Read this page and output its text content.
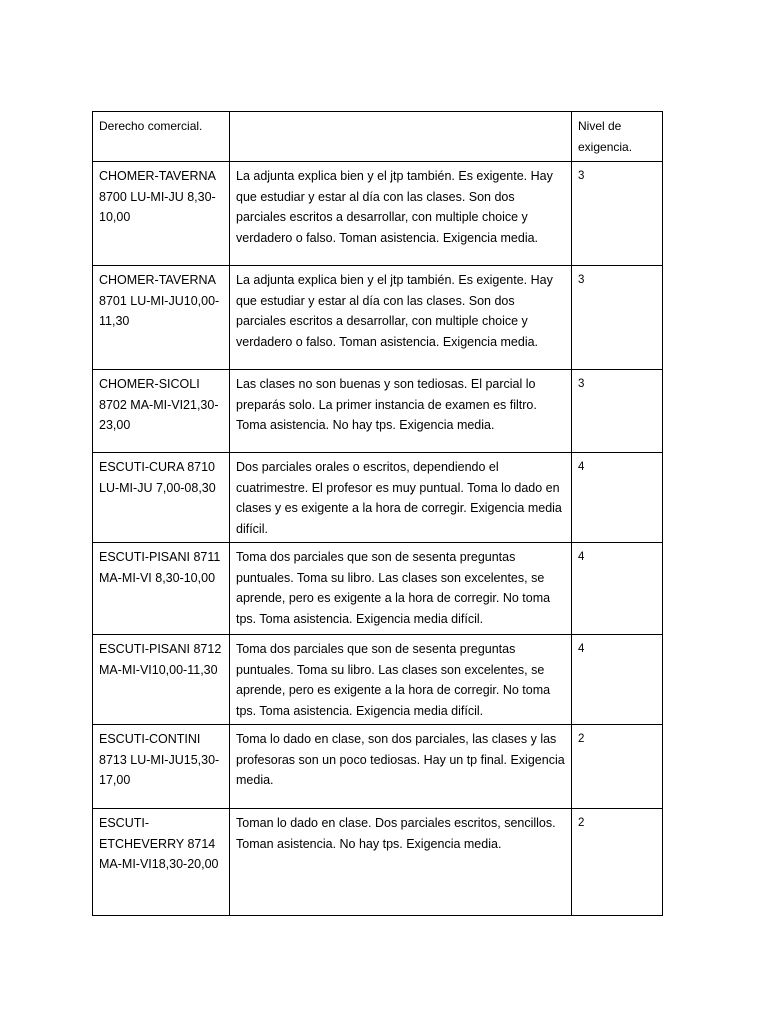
Derecho comercial.		Nivel de exigencia.
CHOMER-TAVERNA 8700 LU-MI-JU 8,30-10,00	La adjunta explica bien y el jtp también. Es exigente. Hay que estudiar y estar al día con las clases. Son dos parciales escritos a desarrollar, con multiple choice y verdadero o falso. Toman asistencia. Exigencia media.	3
CHOMER-TAVERNA 8701 LU-MI-JU10,00-11,30	La adjunta explica bien y el jtp también. Es exigente. Hay que estudiar y estar al día con las clases. Son dos parciales escritos a desarrollar, con multiple choice y verdadero o falso. Toman asistencia. Exigencia media.	3
CHOMER-SICOLI 8702 MA-MI-VI21,30-23,00	Las clases no son buenas y son tediosas. El parcial lo preparás solo. La primer instancia de examen es filtro. Toma asistencia. No hay tps. Exigencia media.	3
ESCUTI-CURA 8710 LU-MI-JU 7,00-08,30	Dos parciales orales o escritos, dependiendo el cuatrimestre. El profesor es muy puntual. Toma lo dado en clases y es exigente a la hora de corregir. Exigencia media difícil.	4
ESCUTI-PISANI 8711 MA-MI-VI 8,30-10,00	Toma dos parciales que son de sesenta preguntas puntuales. Toma su libro. Las clases son excelentes, se aprende, pero es exigente a la hora de corregir. No toma tps. Toma asistencia. Exigencia media difícil.	4
ESCUTI-PISANI 8712 MA-MI-VI10,00-11,30	Toma dos parciales que son de sesenta preguntas puntuales. Toma su libro. Las clases son excelentes, se aprende, pero es exigente a la hora de corregir. No toma tps. Toma asistencia. Exigencia media difícil.	4
ESCUTI-CONTINI 8713 LU-MI-JU15,30-17,00	Toma lo dado en clase, son dos parciales, las clases y las profesoras son un poco tediosas. Hay un tp final. Exigencia media.	2
ESCUTI-ETCHEVERRY 8714 MA-MI-VI18,30-20,00	Toman lo dado en clase. Dos parciales escritos, sencillos. Toman asistencia. No hay tps. Exigencia media.	2
